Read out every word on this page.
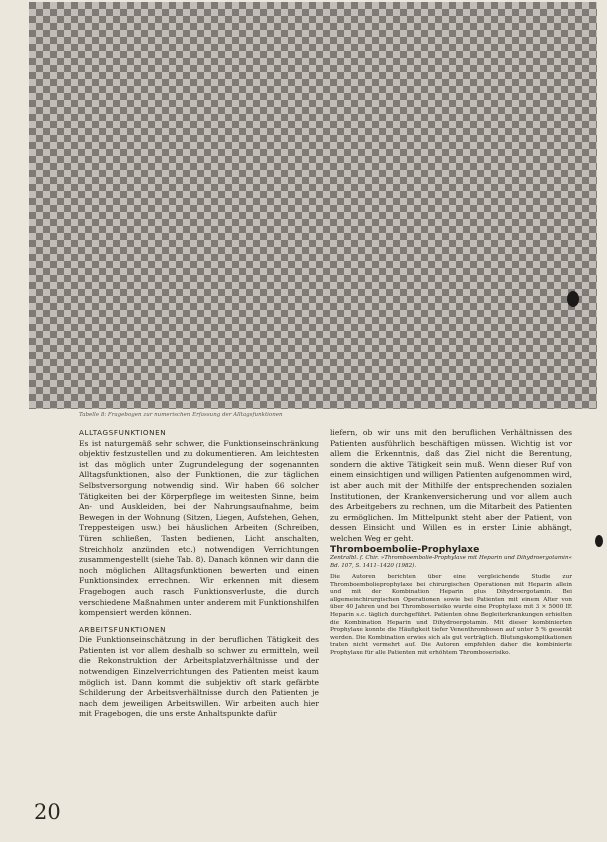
Tabelle 8: Fragebogen zur numerischen Erfassung der Alltagsfunktionen

ALLTAGSFUNKTIONEN

Es ist naturgemäß sehr schwer, die Funktionseinschränkung objektiv festzustellen und zu dokumentieren. Am leichtesten ist das möglich unter Zugrundelegung der sogenannten Alltagsfunktionen, also der Funktionen, die zur täglichen Selbstversorgung notwendig sind. Wir haben 66 solcher Tätigkeiten bei der Körperpflege im weitesten Sinne, beim An- und Auskleiden, bei der Nahrungsaufnahme, beim Bewegen in der Wohnung (Sitzen, Liegen, Aufstehen, Gehen, Treppesteigen usw.) bei häuslichen Arbeiten (Schreiben, Türen schließen, Tasten bedienen, Licht anschalten, Streichholz anzünden etc.) notwendigen Verrichtungen zusammengestellt (siehe Tab. 8). Danach können wir dann die noch möglichen Alltagsfunktionen bewerten und einen Funktionsindex errechnen. Wir erkennen mit diesem Fragebogen auch rasch Funktionsverluste, die durch verschiedene Maßnahmen unter anderem mit Funktionshilfen kompensiert werden können.

ARBEITSFUNKTIONEN

Die Funktionseinschätzung in der beruflichen Tätigkeit des Patienten ist vor allem deshalb so schwer zu ermitteln, weil die Rekonstruktion der Arbeitsplatzverhältnisse und der notwendigen Einzelverrichtungen des Patienten meist kaum möglich ist. Dann kommt die subjektiv oft stark gefärbte Schilderung der Arbeitsverhältnisse durch den Patienten je nach dem jeweiligen Arbeitswillen. Wir arbeiten auch hier mit Fragebogen, die uns erste Anhaltspunkte dafür

liefern, ob wir uns mit den beruflichen Verhältnissen des Patienten ausführlich beschäftigen müssen. Wichtig ist vor allem die Erkenntnis, daß das Ziel nicht die Berentung, sondern die aktive Tätigkeit sein muß. Wenn dieser Ruf von einem einsichtigen und willigen Patienten aufgenommen wird, ist aber auch mit der Mithilfe der entsprechenden sozialen Institutionen, der Krankenversicherung und vor allem auch des Arbeitgebers zu rechnen, um die Mitarbeit des Patienten zu ermöglichen. Im Mittelpunkt steht aber der Patient, von dessen Einsicht und Willen es in erster Linie abhängt, welchen Weg er geht.

Thromboembolie-Prophylaxe

Zentralbl. f. Chir. »Thromboembolie-Prophylaxe mit Heparin und Dihydroergotamin« Bd. 107, S. 1411–1420 (1982).

Die Autoren berichten über eine vergleichende Studie zur Thromboembolieprophylaxe bei chirurgischen Operationen mit Heparin allein und mit der Kombination Heparin plus Dihydroergotamin. Bei allgemeinchirurgischen Operationen sowie bei Patienten mit einem Alter von über 40 Jahren und bei Thromboserisiko wurde eine Prophylaxe mit 3 × 5000 IE Heparin s.c. täglich durchgeführt. Patienten ohne Begleiterkrankungen erhielten die Kombination Heparin und Dihydroergotamin. Mit dieser kombinierten Prophylaxe konnte die Häufigkeit tiefer Venenthrombosen auf unter 5 % gesenkt werden. Die Kombination erwies sich als gut verträglich. Blutungskomplikationen traten nicht vermehrt auf. Die Autoren empfehlen daher die kombinierte Prophylaxe für alle Patienten mit erhöhtem Thromboserisiko.

20
